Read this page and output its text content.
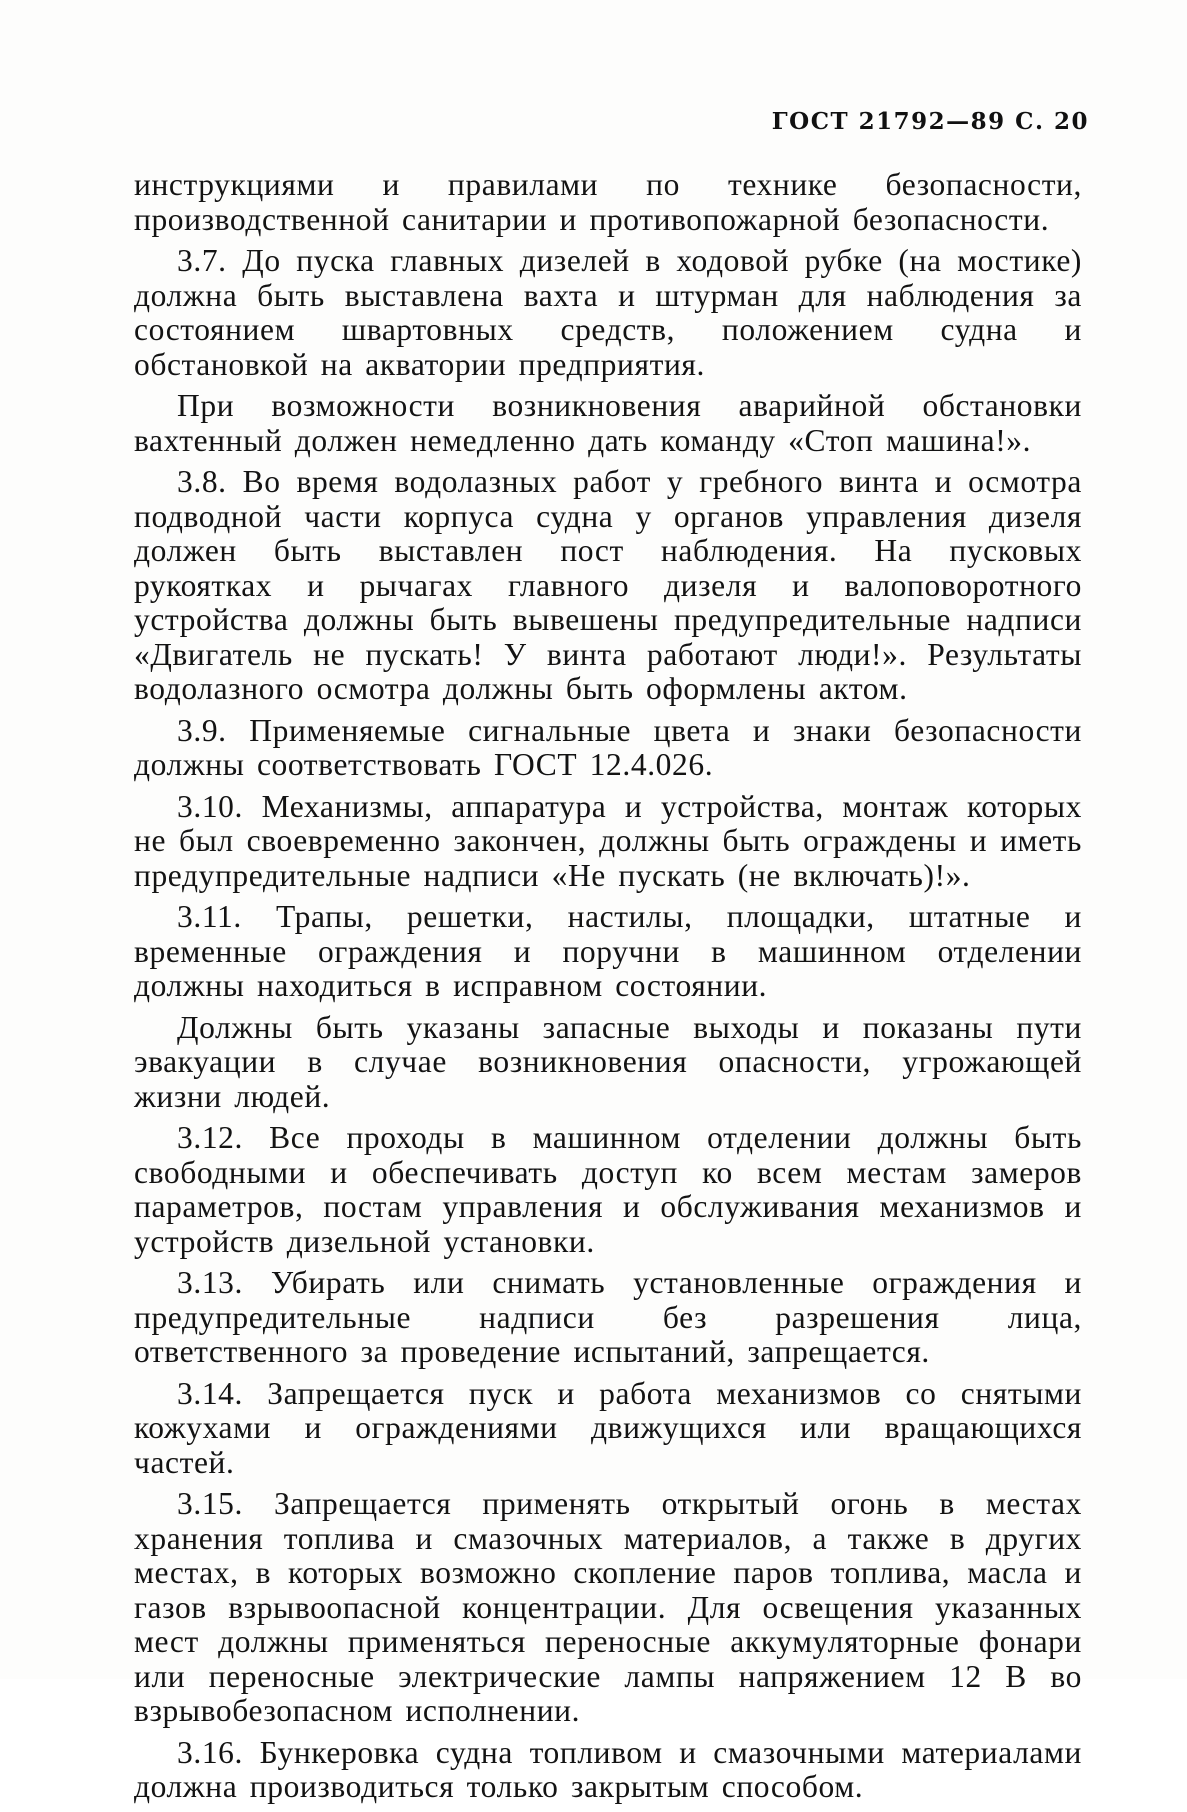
ГОСТ 21792—89 С. 20

инструкциями и правилами по технике безопасности, производственной санитарии и противопожарной безопасности.

3.7. До пуска главных дизелей в ходовой рубке (на мостике) должна быть выставлена вахта и штурман для наблюдения за состоянием швартовных средств, положением судна и обстановкой на акватории предприятия.

При возможности возникновения аварийной обстановки вахтенный должен немедленно дать команду «Стоп машина!».

3.8. Во время водолазных работ у гребного винта и осмотра подводной части корпуса судна у органов управления дизеля должен быть выставлен пост наблюдения. На пусковых рукоятках и рычагах главного дизеля и валоповоротного устройства должны быть вывешены предупредительные надписи «Двигатель не пускать! У винта работают люди!». Результаты водолазного осмотра должны быть оформлены актом.

3.9. Применяемые сигнальные цвета и знаки безопасности должны соответствовать ГОСТ 12.4.026.

3.10. Механизмы, аппаратура и устройства, монтаж которых не был своевременно закончен, должны быть ограждены и иметь предупредительные надписи «Не пускать (не включать)!».

3.11. Трапы, решетки, настилы, площадки, штатные и временные ограждения и поручни в машинном отделении должны находиться в исправном состоянии.

Должны быть указаны запасные выходы и показаны пути эвакуации в случае возникновения опасности, угрожающей жизни людей.

3.12. Все проходы в машинном отделении должны быть свободными и обеспечивать доступ ко всем местам замеров параметров, постам управления и обслуживания механизмов и устройств дизельной установки.

3.13. Убирать или снимать установленные ограждения и предупредительные надписи без разрешения лица, ответственного за проведение испытаний, запрещается.

3.14. Запрещается пуск и работа механизмов со снятыми кожухами и ограждениями движущихся или вращающихся частей.

3.15. Запрещается применять открытый огонь в местах хранения топлива и смазочных материалов, а также в других местах, в которых возможно скопление паров топлива, масла и газов взрывоопасной концентрации. Для освещения указанных мест должны применяться переносные аккумуляторные фонари или переносные электрические лампы напряжением 12 В во взрывобезопасном исполнении.

3.16. Бункеровка судна топливом и смазочными материалами должна производиться только закрытым способом.
